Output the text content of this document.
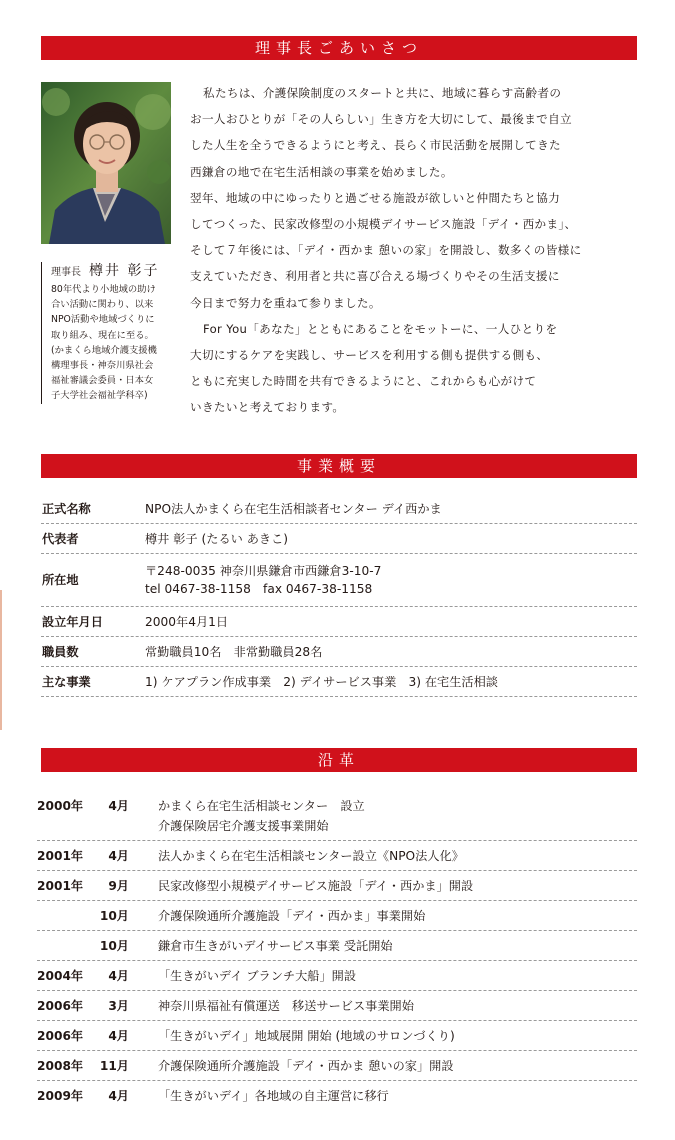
理事長ごあいさつ
理事長 樽井 彰子

80年代より小地域の助け

合い活動に関わり、以来

NPO活動や地域づくりに

取り組み、現在に至る。

(かまくら地域介護支援機

構理事長・神奈川県社会

福祉審議会委員・日本女

子大学社会福祉学科卒)

私たちは、介護保険制度のスタートと共に、地域に暮らす高齢者の

お一人おひとりが「その人らしい」生き方を大切にして、最後まで自立

した人生を全うできるようにと考え、長らく市民活動を展開してきた

西鎌倉の地で在宅生活相談の事業を始めました。

翌年、地域の中にゆったりと過ごせる施設が欲しいと仲間たちと協力

してつくった、民家改修型の小規模デイサービス施設「デイ・西かま」、

そして７年後には、「デイ・西かま 憩いの家」を開設し、数多くの皆様に

支えていただき、利用者と共に喜び合える場づくりやその生活支援に

今日まで努力を重ねて参りました。

For You「あなた」とともにあることをモットーに、一人ひとりを

大切にするケアを実践し、サービスを利用する側も提供する側も、

ともに充実した時間を共有できるようにと、これからも心がけて

いきたいと考えております。

事業概要
正式名称	NPO法人かまくら在宅生活相談者センター デイ西かま
代表者	樽井 彰子 (たるい あきこ)
所在地
〒248-0035 神奈川県鎌倉市西鎌倉3-10-7
tel 0467-38-1158　fax 0467-38-1158
設立年月日	2000年4月1日
職員数	常勤職員10名　非常勤職員28名
主な事業	1) ケアプラン作成事業　2) デイサービス事業　3) 在宅生活相談
沿革
2000年 4月	かまくら在宅生活相談センター　設立
介護保険居宅介護支援事業開始
2001年 4月	法人かまくら在宅生活相談センター設立《NPO法人化》
2001年 9月	民家改修型小規模デイサービス施設「デイ・西かま」開設
10月	介護保険通所介護施設「デイ・西かま」事業開始
10月	鎌倉市生きがいデイサービス事業 受託開始
2004年 4月	「生きがいデイ ブランチ大船」開設
2006年 3月	神奈川県福祉有償運送　移送サービス事業開始
2006年 4月	「生きがいデイ」地域展開 開始 (地域のサロンづくり)
2008年 11月	介護保険通所介護施設「デイ・西かま 憩いの家」開設
2009年 4月	「生きがいデイ」各地域の自主運営に移行
